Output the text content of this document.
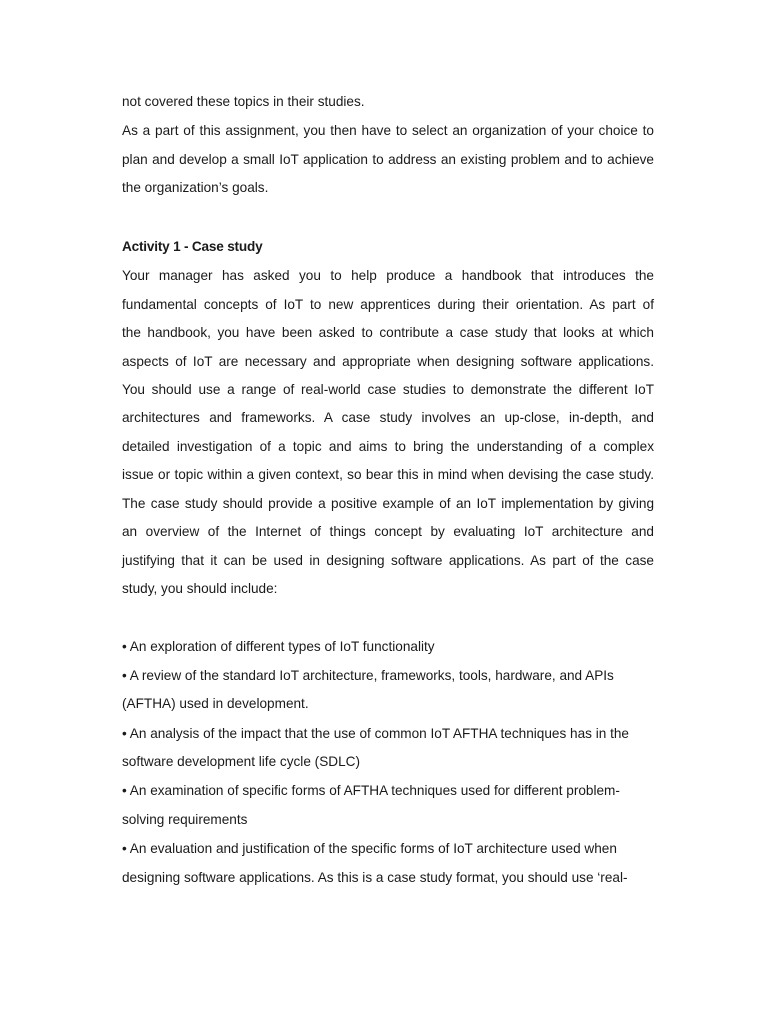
not covered these topics in their studies.
As a part of this assignment, you then have to select an organization of your choice to
plan and develop a small IoT application to address an existing problem and to achieve
the organization’s goals.
Activity 1 - Case study
Your manager has asked you to help produce a handbook that introduces the
fundamental concepts of IoT to new apprentices during their orientation. As part of
the handbook, you have been asked to contribute a case study that looks at which
aspects of IoT are necessary and appropriate when designing software applications.
You should use a range of real-world case studies to demonstrate the different IoT
architectures and frameworks. A case study involves an up-close, in-depth, and
detailed investigation of a topic and aims to bring the understanding of a complex
issue or topic within a given context, so bear this in mind when devising the case study.
The case study should provide a positive example of an IoT implementation by giving
an overview of the Internet of things concept by evaluating IoT architecture and
justifying that it can be used in designing software applications. As part of the case
study, you should include:
• An exploration of different types of IoT functionality
• A review of the standard IoT architecture, frameworks, tools, hardware, and APIs
(AFTHA) used in development.
• An analysis of the impact that the use of common IoT AFTHA techniques has in the
software development life cycle (SDLC)
• An examination of specific forms of AFTHA techniques used for different problem-
solving requirements
• An evaluation and justification of the specific forms of IoT architecture used when
designing software applications. As this is a case study format, you should use ‘real-
